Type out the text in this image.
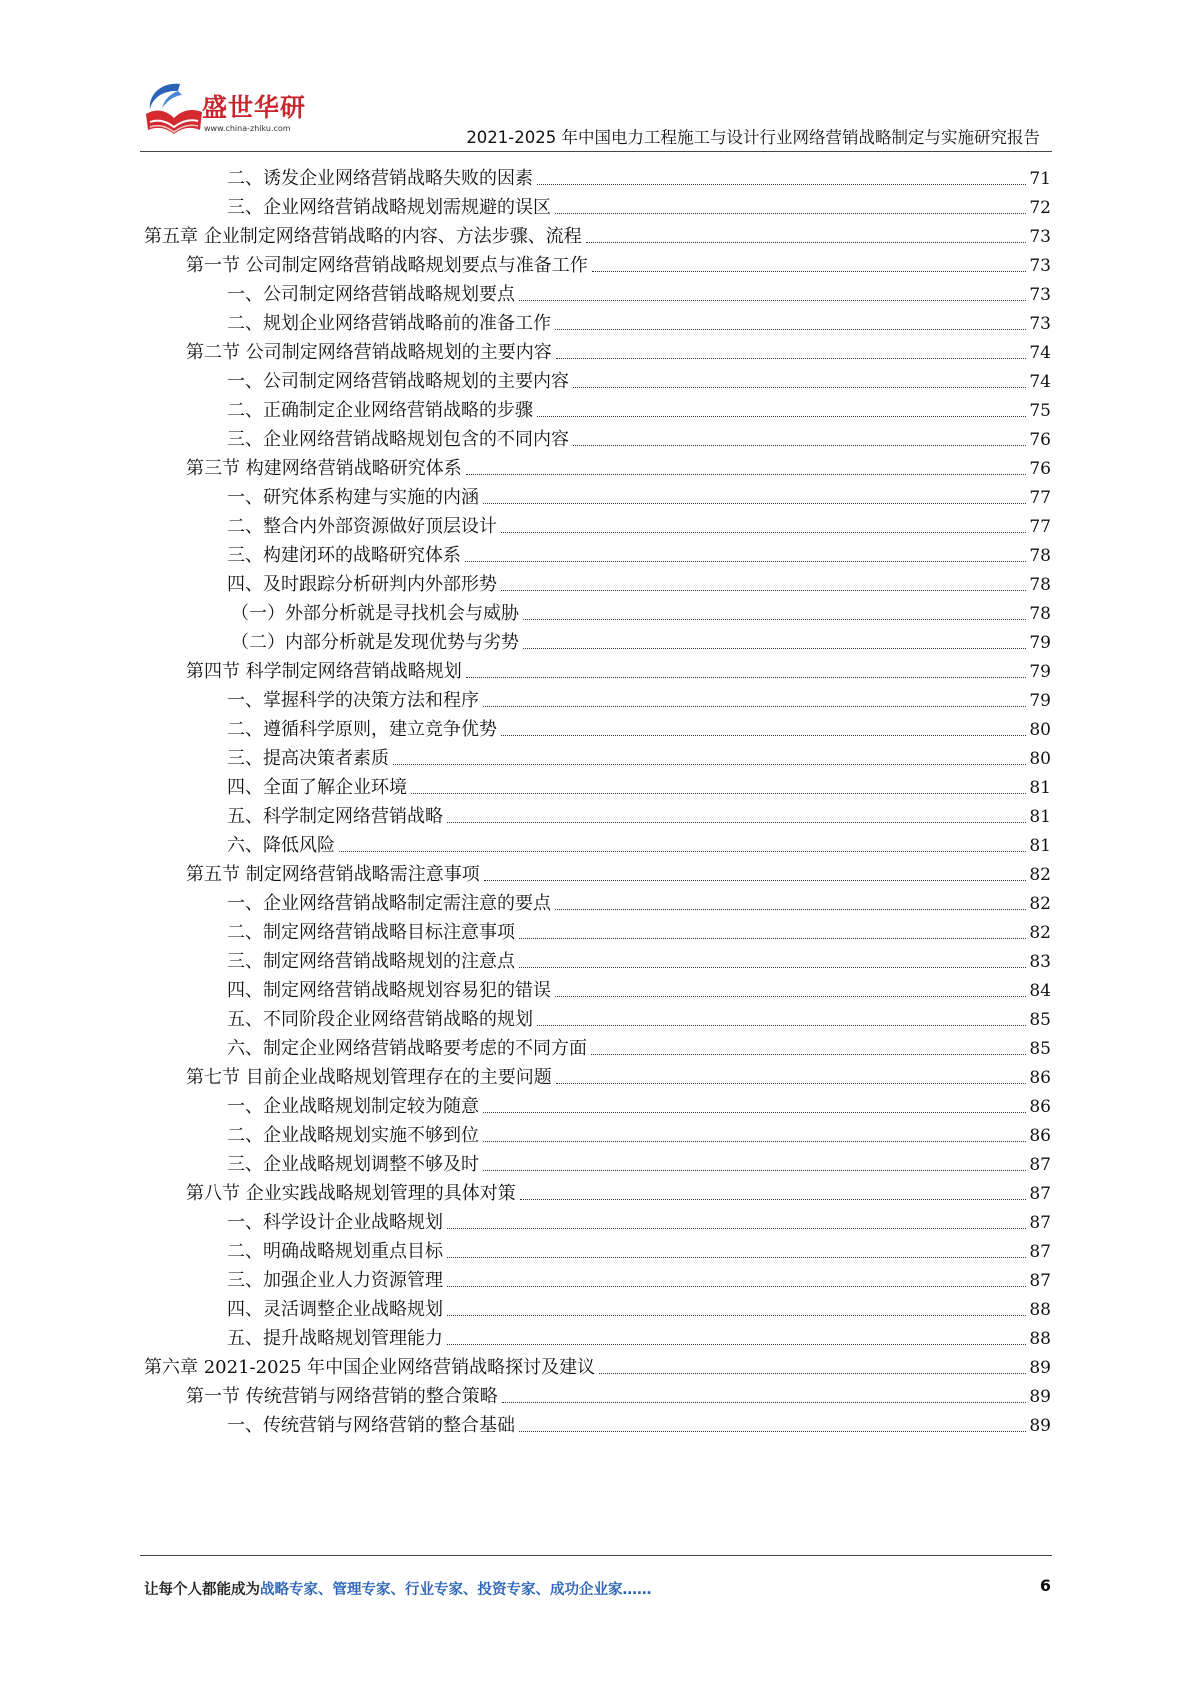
盛世华研
www.china-zhiku.com	2021-2025 年中国电力工程施工与设计行业网络营销战略制定与实施研究报告
二、诱发企业网络营销战略失败的因素	71
三、企业网络营销战略规划需规避的误区	72
第五章 企业制定网络营销战略的内容、方法步骤、流程	73
第一节 公司制定网络营销战略规划要点与准备工作	73
一、公司制定网络营销战略规划要点	73
二、规划企业网络营销战略前的准备工作	73
第二节 公司制定网络营销战略规划的主要内容	74
一、公司制定网络营销战略规划的主要内容	74
二、正确制定企业网络营销战略的步骤	75
三、企业网络营销战略规划包含的不同内容	76
第三节 构建网络营销战略研究体系	76
一、研究体系构建与实施的内涵	77
二、整合内外部资源做好顶层设计	77
三、构建闭环的战略研究体系	78
四、及时跟踪分析研判内外部形势	78
（一）外部分析就是寻找机会与威胁	78
（二）内部分析就是发现优势与劣势	79
第四节 科学制定网络营销战略规划	79
一、掌握科学的决策方法和程序	79
二、遵循科学原则，建立竞争优势	80
三、提高决策者素质	80
四、全面了解企业环境	81
五、科学制定网络营销战略	81
六、降低风险	81
第五节 制定网络营销战略需注意事项	82
一、企业网络营销战略制定需注意的要点	82
二、制定网络营销战略目标注意事项	82
三、制定网络营销战略规划的注意点	83
四、制定网络营销战略规划容易犯的错误	84
五、不同阶段企业网络营销战略的规划	85
六、制定企业网络营销战略要考虑的不同方面	85
第七节 目前企业战略规划管理存在的主要问题	86
一、企业战略规划制定较为随意	86
二、企业战略规划实施不够到位	86
三、企业战略规划调整不够及时	87
第八节 企业实践战略规划管理的具体对策	87
一、科学设计企业战略规划	87
二、明确战略规划重点目标	87
三、加强企业人力资源管理	87
四、灵活调整企业战略规划	88
五、提升战略规划管理能力	88
第六章 2021-2025 年中国企业网络营销战略探讨及建议	89
第一节 传统营销与网络营销的整合策略	89
一、传统营销与网络营销的整合基础	89
让每个人都能成为战略专家、管理专家、行业专家、投资专家、成功企业家……	6
